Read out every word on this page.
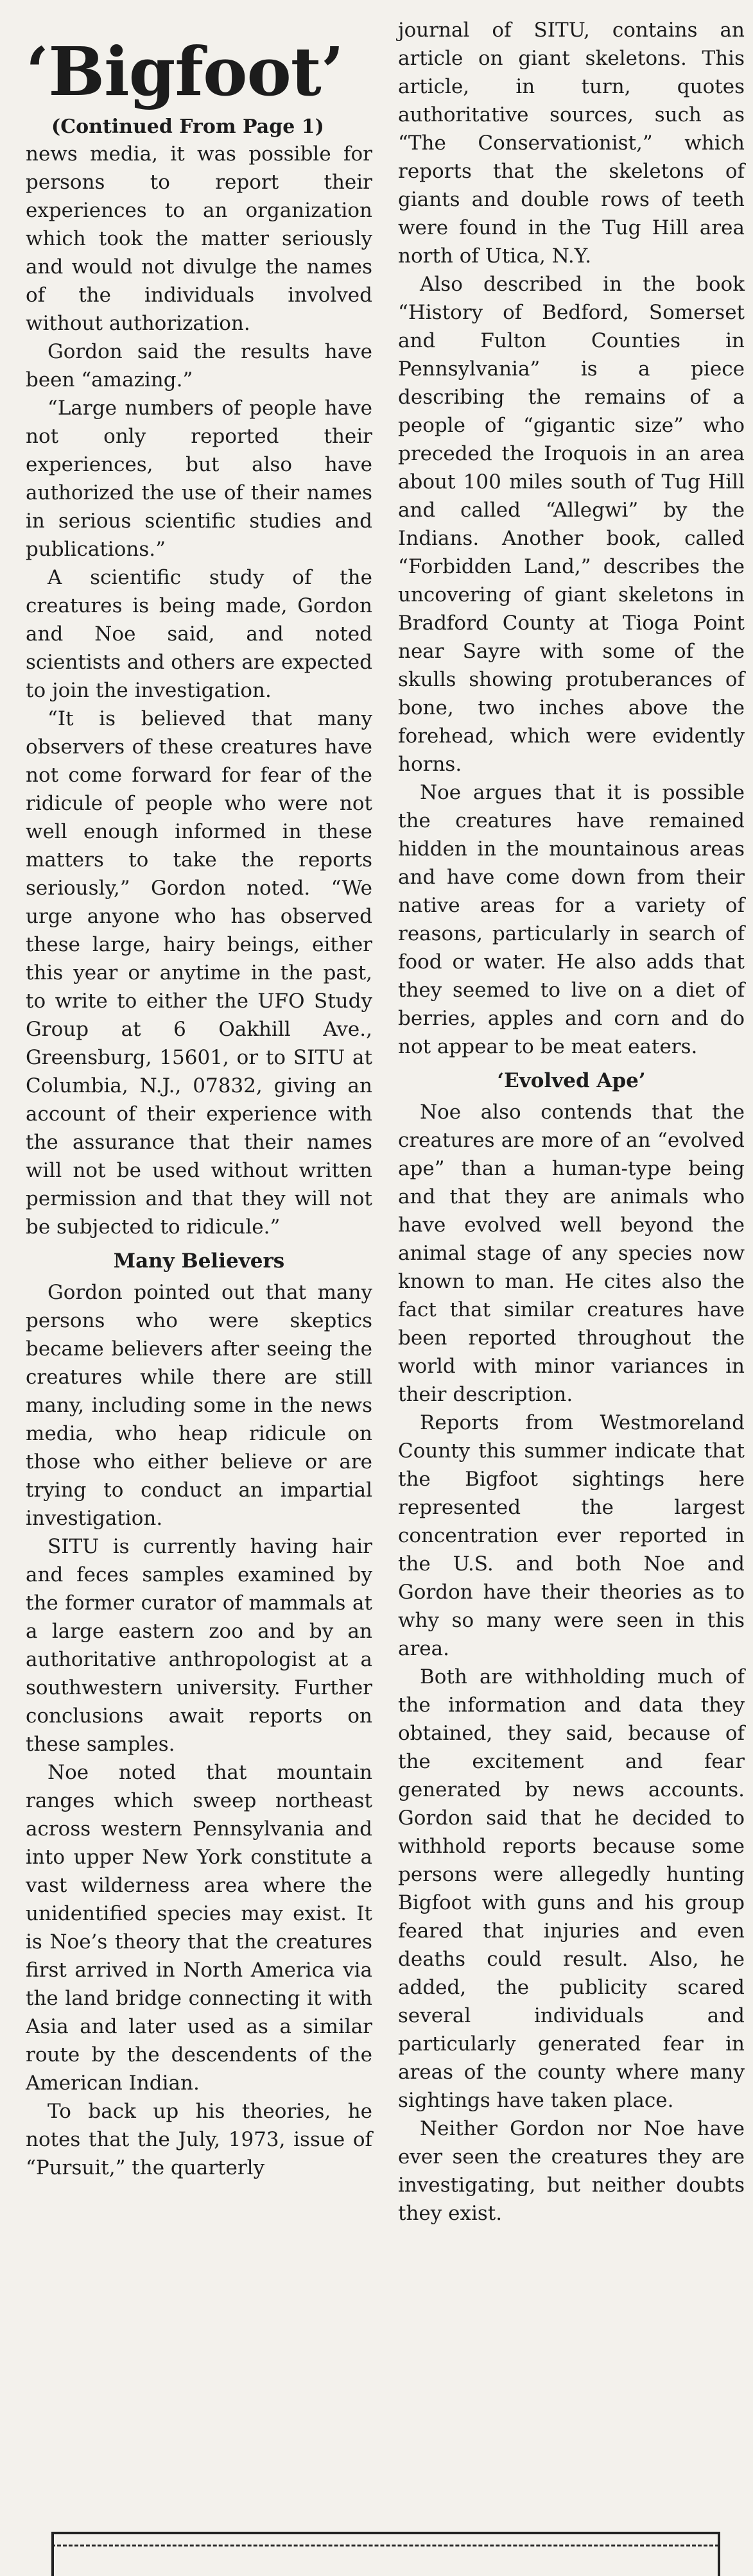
‘Bigfoot’
(Continued From Page 1)

news media, it was possible for persons to report their experiences to an organization which took the matter seriously and would not divulge the names of the individuals involved without authorization.

Gordon said the results have been “amazing.”

“Large numbers of people have not only reported their experiences, but also have authorized the use of their names in serious scientific studies and publications.”

A scientific study of the creatures is being made, Gordon and Noe said, and noted scientists and others are expected to join the investigation.

“It is believed that many observers of these creatures have not come forward for fear of the ridicule of people who were not well enough informed in these matters to take the reports seriously,” Gordon noted. “We urge anyone who has observed these large, hairy beings, either this year or anytime in the past, to write to either the UFO Study Group at 6 Oakhill Ave., Greensburg, 15601, or to SITU at Columbia, N.J., 07832, giving an account of their experience with the assurance that their names will not be used without written permission and that they will not be subjected to ridicule.”

Many Believers

Gordon pointed out that many persons who were skeptics became believers after seeing the creatures while there are still many, including some in the news media, who heap ridicule on those who either believe or are trying to conduct an impartial investigation.

SITU is currently having hair and feces samples examined by the former curator of mammals at a large eastern zoo and by an authoritative anthropologist at a southwestern university. Further conclusions await reports on these samples.

Noe noted that mountain ranges which sweep northeast across western Pennsylvania and into upper New York constitute a vast wilderness area where the unidentified species may exist. It is Noe’s theory that the creatures first arrived in North America via the land bridge connecting it with Asia and later used as a similar route by the descendents of the American Indian.

To back up his theories, he notes that the July, 1973, issue of “Pursuit,” the quarterly

journal of SITU, contains an article on giant skeletons. This article, in turn, quotes authoritative sources, such as “The Conservationist,” which reports that the skeletons of giants and double rows of teeth were found in the Tug Hill area north of Utica, N.Y.

Also described in the book “History of Bedford, Somerset and Fulton Counties in Pennsylvania” is a piece describing the remains of a people of “gigantic size” who preceded the Iroquois in an area about 100 miles south of Tug Hill and called “Allegwi” by the Indians. Another book, called “Forbidden Land,” describes the uncovering of giant skeletons in Bradford County at Tioga Point near Sayre with some of the skulls showing protuberances of bone, two inches above the forehead, which were evidently horns.

Noe argues that it is possible the creatures have remained hidden in the mountainous areas and have come down from their native areas for a variety of reasons, particularly in search of food or water. He also adds that they seemed to live on a diet of berries, apples and corn and do not appear to be meat eaters.

‘Evolved Ape’

Noe also contends that the creatures are more of an “evolved ape” than a human-type being and that they are animals who have evolved well beyond the animal stage of any species now known to man. He cites also the fact that similar creatures have been reported throughout the world with minor variances in their description.

Reports from Westmoreland County this summer indicate that the Bigfoot sightings here represented the largest concentration ever reported in the U.S. and both Noe and Gordon have their theories as to why so many were seen in this area.

Both are withholding much of the information and data they obtained, they said, because of the excitement and fear generated by news accounts. Gordon said that he decided to withhold reports because some persons were allegedly hunting Bigfoot with guns and his group feared that injuries and even deaths could result. Also, he added, the publicity scared several individuals and particularly generated fear in areas of the county where many sightings have taken place.

Neither Gordon nor Noe have ever seen the creatures they are investigating, but neither doubts they exist.
